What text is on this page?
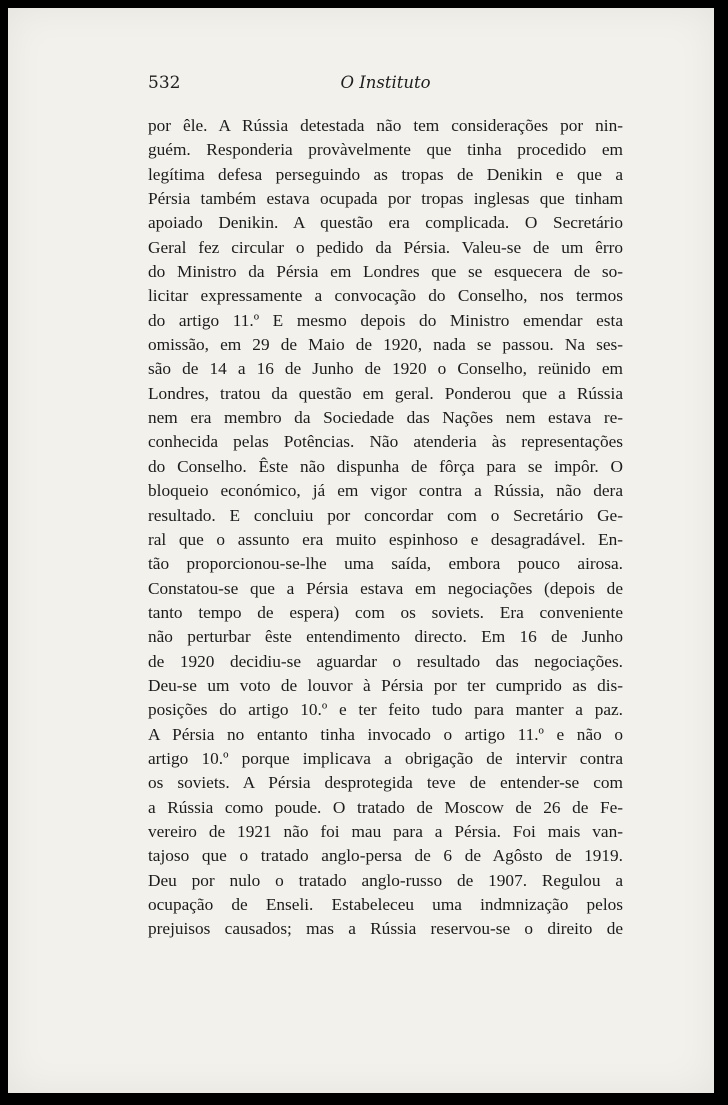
532	O Instituto
por êle. A Rússia detestada não tem considerações por nin-
guém. Responderia provàvelmente que tinha procedido em
legítima defesa perseguindo as tropas de Denikin e que a
Pérsia também estava ocupada por tropas inglesas que tinham
apoiado Denikin. A questão era complicada. O Secretário
Geral fez circular o pedido da Pérsia. Valeu-se de um êrro
do Ministro da Pérsia em Londres que se esquecera de so-
licitar expressamente a convocação do Conselho, nos termos
do artigo 11.º E mesmo depois do Ministro emendar esta
omissão, em 29 de Maio de 1920, nada se passou. Na ses-
são de 14 a 16 de Junho de 1920 o Conselho, reünido em
Londres, tratou da questão em geral. Ponderou que a Rússia
nem era membro da Sociedade das Nações nem estava re-
conhecida pelas Potências. Não atenderia às representações
do Conselho. Êste não dispunha de fôrça para se impôr. O
bloqueio económico, já em vigor contra a Rússia, não dera
resultado. E concluiu por concordar com o Secretário Ge-
ral que o assunto era muito espinhoso e desagradável. En-
tão proporcionou-se-lhe uma saída, embora pouco airosa.
Constatou-se que a Pérsia estava em negociações (depois de
tanto tempo de espera) com os soviets. Era conveniente
não perturbar êste entendimento directo. Em 16 de Junho
de 1920 decidiu-se aguardar o resultado das negociações.
Deu-se um voto de louvor à Pérsia por ter cumprido as dis-
posições do artigo 10.º e ter feito tudo para manter a paz.
A Pérsia no entanto tinha invocado o artigo 11.º e não o
artigo 10.º porque implicava a obrigação de intervir contra
os soviets. A Pérsia desprotegida teve de entender-se com
a Rússia como poude. O tratado de Moscow de 26 de Fe-
vereiro de 1921 não foi mau para a Pérsia. Foi mais van-
tajoso que o tratado anglo-persa de 6 de Agôsto de 1919.
Deu por nulo o tratado anglo-russo de 1907. Regulou a
ocupação de Enseli. Estabeleceu uma indmnização pelos
prejuisos causados; mas a Rússia reservou-se o direito de
